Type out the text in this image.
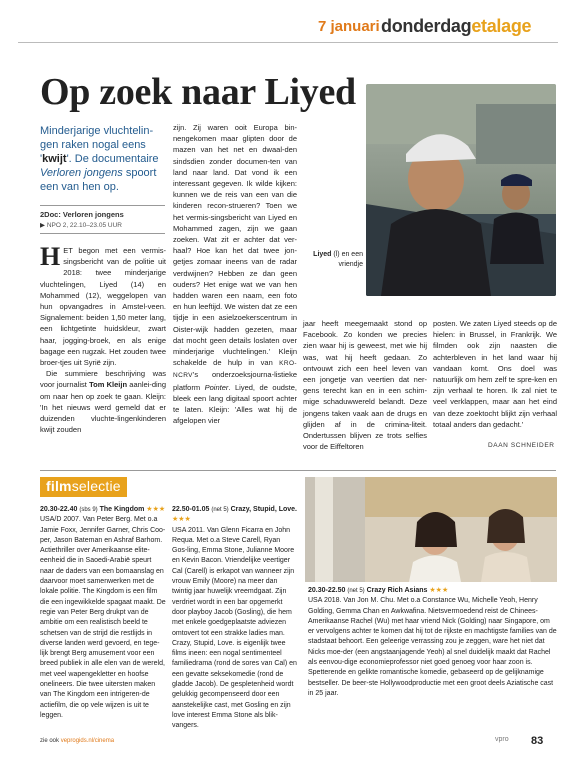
7 januari donderdagetalage
Op zoek naar Liyed
Minderjarige vluchtelin-gen raken nogal eens 'kwijt'. De documentaire Verloren jongens spoort een van hen op.
2Doc: Verloren jongens
▶ NPO 2, 22.10–23.05 UUR

HET begon met een vermis-singsbericht van de politie uit 2018: twee minderjarige vluchtelingen, Liyed (14) en Mohammed (12), weggelopen van hun opvangadres in Amstel-veen. Signalement: beiden 1,50 meter lang, een lichtgetinte huidskleur, zwart haar, jogging-broek, en als enige bagage een rugzak. Het zouden twee broer-tjes uit Syrië zijn.

Die summiere beschrijving was voor journalist Tom Kleijn aanlei-ding om naar hen op zoek te gaan. Kleijn: 'In het nieuws werd gemeld dat er duizenden vluchte-lingenkinderen kwijt zouden

zijn. Zij waren ooit Europa bin-nengekomen maar glipten door de mazen van het net en dwaal-den sindsdien zonder documen-ten van land naar land. Dat vond ik een interessant gegeven. Ik wilde kijken: kunnen we de reis van een van die kinderen recon-strueren? Toen we het vermis-singsbericht van Liyed en Mohammed zagen, zijn we gaan zoeken. Wat zit er achter dat ver-haal? Hoe kan het dat twee jon-getjes zomaar ineens van de radar verdwijnen? Hebben ze dan geen ouders? Het enige wat we van hen hadden waren een naam, een foto en hun leeftijd. We wisten dat ze een tijdje in een asielzoekerscentrum in Oister-wijk hadden gezeten, maar dat mocht geen details loslaten over minderjarige vluchtelingen.' Kleijn schakelde de hulp in van KRO-NCRV's onderzoeksjourna-listieke platform Pointer. Liyed, de oudste, bleek een lang digitaal spoort achter te laten. Kleijn: 'Alles wat hij de afgelopen vier

Liyed (l) en een vriendje

jaar heeft meegemaakt stond op Facebook. Zo konden we precies zien waar hij is geweest, met wie hij was, wat hij heeft gedaan. Zo ontvouwt zich een heel leven van een jongetje van veertien dat ner-gens terecht kan en in een schim-mige schaduwwereld belandt. Deze jongens taken vaak aan de drugs en glijden af in de crimina-liteit. Ondertussen blijven ze trots selfies voor de Eiffeltoren

posten. We zaten Liyed steeds op de hielen: in Brussel, in Frankrijk. We filmden ook zijn naasten die achterbleven in het land waar hij vandaan komt. Ons doel was natuurlijk om hem zelf te spre-ken en zijn verhaal te horen. Ik zal niet te veel verklappen, maar aan het eind van deze zoektocht blijkt zijn verhaal totaal anders dan gedacht.'

DAAN SCHNEIDER
filmselectie
20.30-22.40 (sbs 9) The Kingdom ★★★
USA/D 2007. Van Peter Berg. Met o.a Jamie Foxx, Jennifer Garner, Chris Coo-per, Jason Bateman en Ashraf Barhom. Actiethriller over Amerikaanse elite-eenheid die in Saoedi-Arabië speurt naar de daders van een bomaanslag en daarvoor moet samenwerken met de lokale politie. The Kingdom is een film die een ingewikkelde spagaat maakt. De regie van Peter Berg drukpt van de ambitie om een realistisch beeld te schetsen van de strijd die restlijds in diverse landen werd gevoerd, en tege-lijk brengt Berg amusement voor een breed publiek in alle elen van de wereld, met veel wapengekletter en hoofse onelineers. Die twee uitersten maken van The Kingdom een intrigeren-de actiefilm, die op vele wijzen is uit te leggen.
22.50-01.05 (net 5) Crazy, Stupid, Love. ★★★
USA 2011. Van Glenn Ficarra en John Requa. Met o.a Steve Carell, Ryan Gos-ling, Emma Stone, Julianne Moore en Kevin Bacon. Vriendelijke veertiger Cal (Carell) is erkapot van wanneer zijn vrouw Emily (Moore) na meer dan twintig jaar huwelijk vreemdgaat. Zijn verdriet wordt in een bar opgemerkt door playboy Jacob (Gosling), die hem met enkele goedgeplaatste adviezen omtovert tot een strakke ladies man. Crazy, Stupid, Love. is eigenlijk twee films ineen: een nogal sentimenteel familiedrama (rond de sores van Cal) en een gevatte seksekomedie (rond de gladde Jacob). De gespletenheid wordt gelukkig gecompenseerd door een aanstekelijke cast, met Gosling en zijn love interest Emma Stone als blik-vangers.
20.30-22.50 (net 5) Crazy Rich Asians ★★★
USA 2018. Van Jon M. Chu. Met o.a Constance Wu, Michelle Yeoh, Henry Golding, Gemma Chan en Awkwafina. Nietsvermoedend reist de Chinees-Amerikaanse Rachel (Wu) met haar vriend Nick (Golding) naar Singapore, om er vervolgens achter te komen dat hij tot de rijkste en machtigste families van de stadstaat behoort. Een geleerige verrassing zou je zeggen, ware het niet dat Nicks moe-der (een angstaanjagende Yeoh) al snel duidelijk maakt dat Rachel als eenvou-dige economieprofessor niet goed genoeg voor haar zoon is. Spetterende en gelikte romantische komedie, gebaseerd op de gelijknamige bestseller. De beer-ste Hollywoodproductie met een groot deels Aziatische cast in 25 jaar.
zie ook veprogids.nl/cinema	vpro 83
